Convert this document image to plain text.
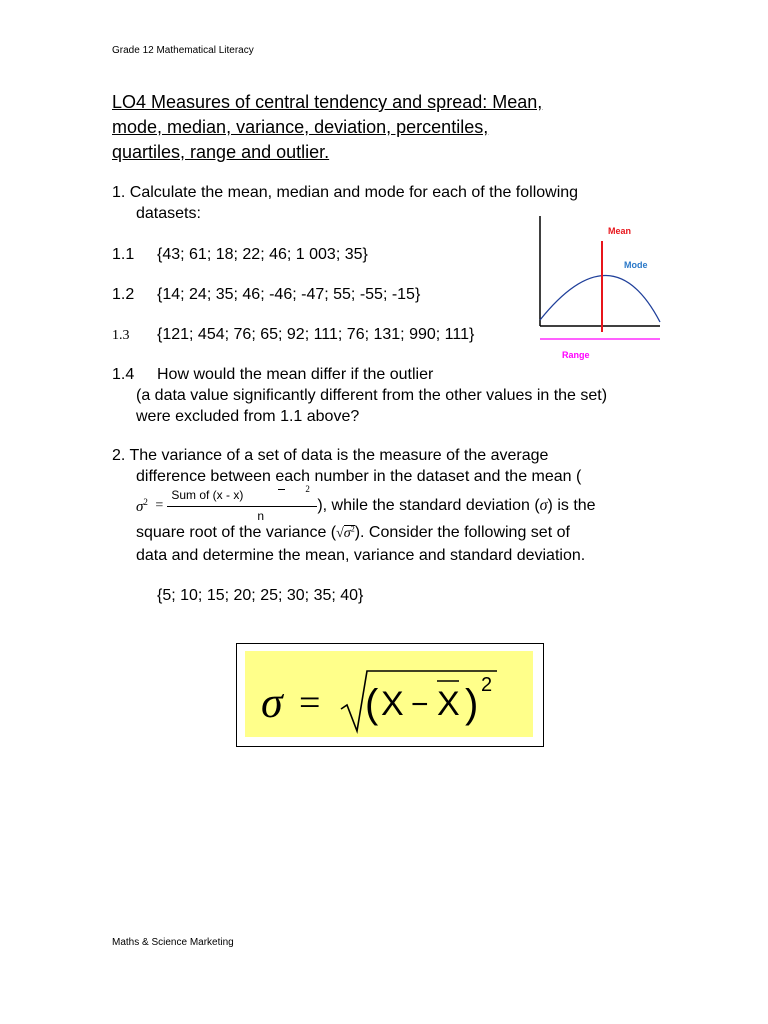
Grade 12 Mathematical Literacy
LO4 Measures of central tendency and spread: Mean,
mode, median, variance, deviation, percentiles,
quartiles, range and outlier.
1. Calculate the mean, median and mode for each of the following
datasets:
1.1 {43; 61; 18; 22; 46; 1 003; 35}
1.2 {14; 24; 35; 46; -46; -47; 55; -55; -15}
1.3 {121; 454; 76; 65; 92; 111; 76; 131; 990; 111}
1.4 How would the mean differ if the outlier
(a data value significantly different from the other values in the set)
were excluded from 1.1 above?
Mean
Mode
Range
2. The variance of a set of data is the measure of the average
difference between each number in the dataset and the mean (
$\sigma^2$  =
Sum of (x - x)	2
n
), while the standard deviation (σ) is the
square root of the variance $(√\sigma^2)$. Consider the following set of
data and determine the mean, variance and standard deviation.
{5; 10; 15; 20; 25; 30; 35; 40}
σ = ( X − X ) 2
Maths & Science Marketing
